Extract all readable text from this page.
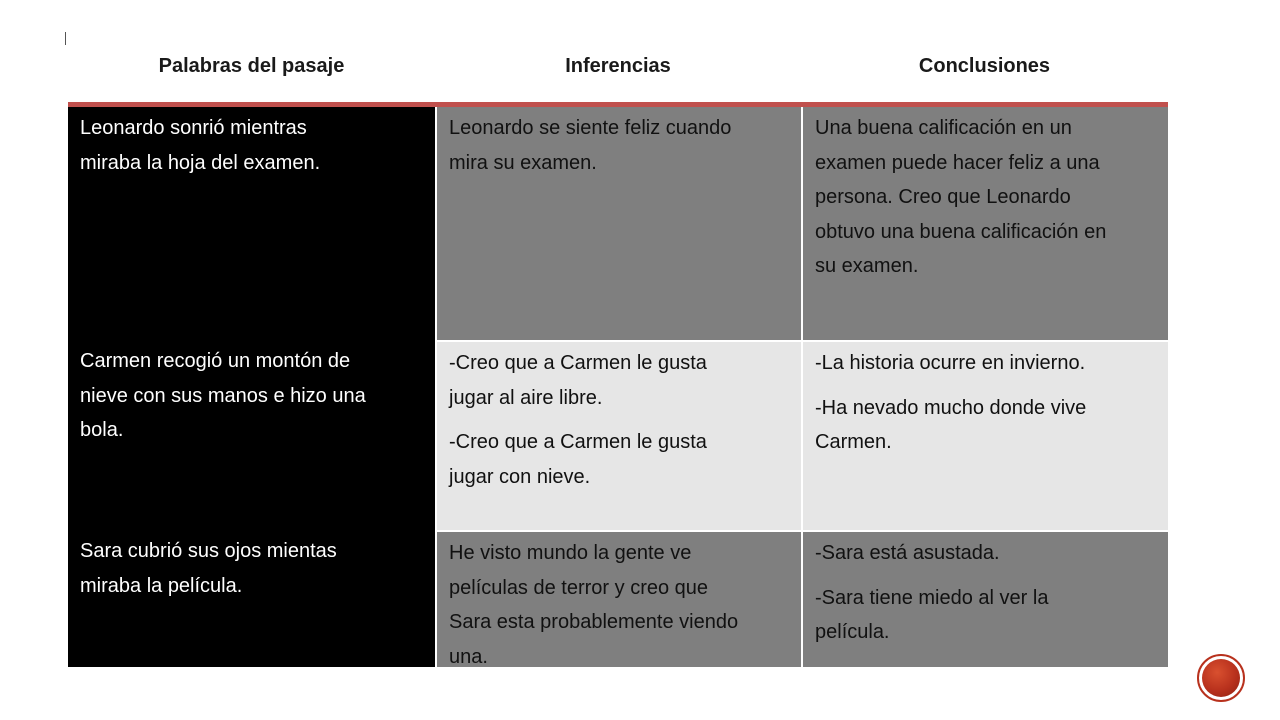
Palabras del pasaje	Inferencias	Conclusiones
Leonardo sonrió mientras
miraba la hoja del examen.
Leonardo se siente feliz cuando
mira su examen.
Una buena calificación en un
examen puede hacer feliz a una
persona. Creo que Leonardo
obtuvo una buena calificación en
su examen.
Carmen recogió un montón de
nieve con sus manos e hizo una
bola.
-Creo que a Carmen le gusta
jugar al aire libre.
-Creo que a Carmen le gusta
jugar con nieve.
-La historia ocurre en invierno.
-Ha nevado mucho donde vive
Carmen.
Sara cubrió sus ojos mientas
miraba la película.
He visto mundo la gente ve
películas de terror y creo que
Sara esta probablemente viendo
una.
-Sara está asustada.
-Sara tiene miedo al ver la
película.
